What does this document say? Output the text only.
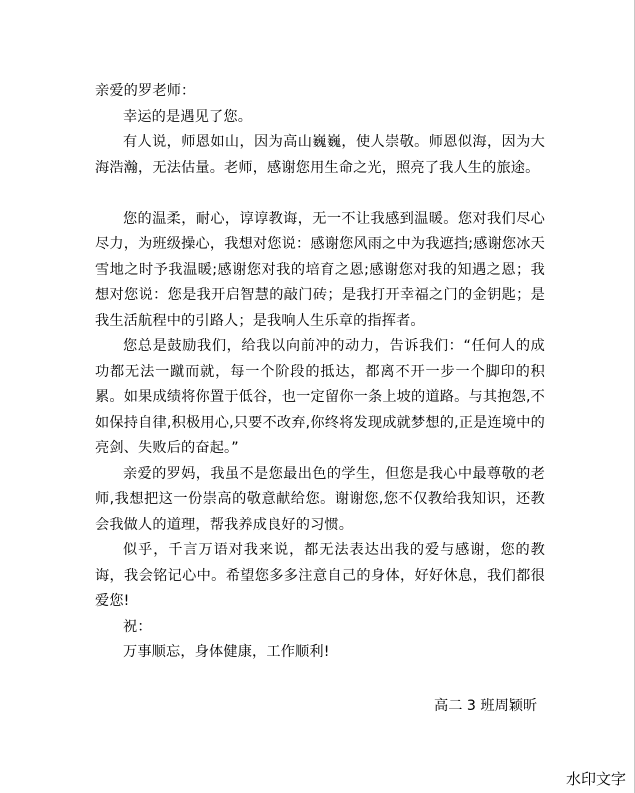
亲爱的罗老师：

幸运的是遇见了您。

有人说，师恩如山，因为高山巍巍，使人崇敬。师恩似海，因为大海浩瀚，无法估量。老师，感谢您用生命之光，照亮了我人生的旅途。

您的温柔，耐心，谆谆教诲，无一不让我感到温暖。您对我们尽心尽力，为班级操心，我想对您说：感谢您风雨之中为我遮挡;感谢您冰天雪地之时予我温暖;感谢您对我的培育之恩;感谢您对我的知遇之恩；我想对您说：您是我开启智慧的敲门砖；是我打开幸福之门的金钥匙；是我生活航程中的引路人；是我响人生乐章的指挥者。

您总是鼓励我们，给我以向前冲的动力，告诉我们：“任何人的成功都无法一蹴而就，每一个阶段的抵达，都离不开一步一个脚印的积累。如果成绩将你置于低谷，也一定留你一条上坡的道路。与其抱怨,不如保持自律,积极用心,只要不改弃,你终将发现成就梦想的,正是连境中的亮剑、失败后的奋起。”

亲爱的罗妈，我虽不是您最出色的学生，但您是我心中最尊敬的老师,我想把这一份崇高的敬意献给您。谢谢您,您不仅教给我知识，还教会我做人的道理，帮我养成良好的习惯。

似乎，千言万语对我来说，都无法表达出我的爱与感谢，您的教诲，我会铭记心中。希望您多多注意自己的身体，好好休息，我们都很爱您!

祝：

万事顺忘，身体健康，工作顺利!

高二 3 班周颖昕
水印文字
